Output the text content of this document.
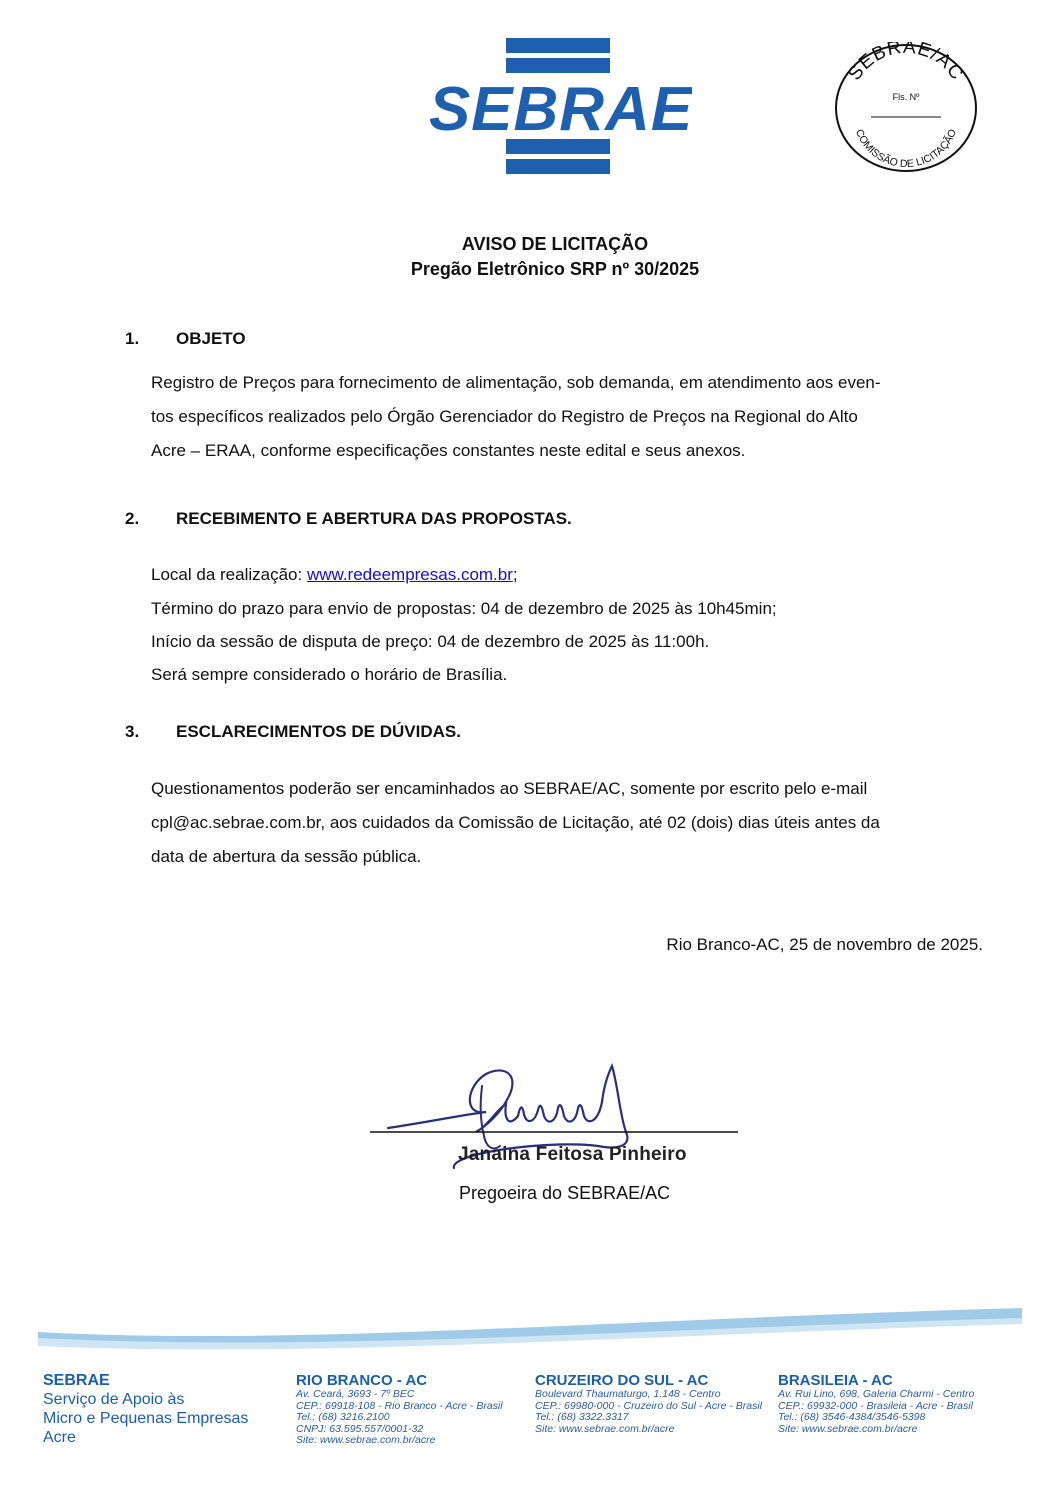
SEBRAE
SEBRAE/AC
COMISSÃO DE LICITAÇÃO
Fls. Nº
AVISO DE LICITAÇÃO
Pregão Eletrônico SRP nº 30/2025
1. OBJETO
Registro de Preços para fornecimento de alimentação, sob demanda, em atendimento aos even-
tos específicos realizados pelo Órgão Gerenciador do Registro de Preços na Regional do Alto
Acre – ERAA, conforme especificações constantes neste edital e seus anexos.
2. RECEBIMENTO E ABERTURA DAS PROPOSTAS.
Local da realização: www.redeempresas.com.br;
Término do prazo para envio de propostas: 04 de dezembro de 2025 às 10h45min;
Início da sessão de disputa de preço: 04 de dezembro de 2025 às 11:00h.
Será sempre considerado o horário de Brasília.
3. ESCLARECIMENTOS DE DÚVIDAS.
Questionamentos poderão ser encaminhados ao SEBRAE/AC, somente por escrito pelo e-mail
cpl@ac.sebrae.com.br, aos cuidados da Comissão de Licitação, até 02 (dois) dias úteis antes da
data de abertura da sessão pública.
Rio Branco-AC, 25 de novembro de 2025.
Janaina Feitosa Pinheiro
Pregoeira do SEBRAE/AC
SEBRAE
Serviço de Apoio às
Micro e Pequenas Empresas
Acre
RIO BRANCO - AC
Av. Ceará, 3693 - 7º BEC
CEP.: 69918-108 - Rio Branco - Acre - Brasil
Tel.: (68) 3216.2100
CNPJ: 63.595.557/0001-32
Site: www.sebrae.com.br/acre
CRUZEIRO DO SUL - AC
Boulevard Thaumaturgo, 1.148 - Centro
CEP.: 69980-000 - Cruzeiro do Sul - Acre - Brasil
Tel.: (68) 3322.3317
Site: www.sebrae.com.br/acre
BRASILEIA - AC
Av. Rui Lino, 698, Galeria Charmi - Centro
CEP.: 69932-000 - Brasileia - Acre - Brasil
Tel.: (68) 3546-4384/3546-5398
Site: www.sebrae.com.br/acre
